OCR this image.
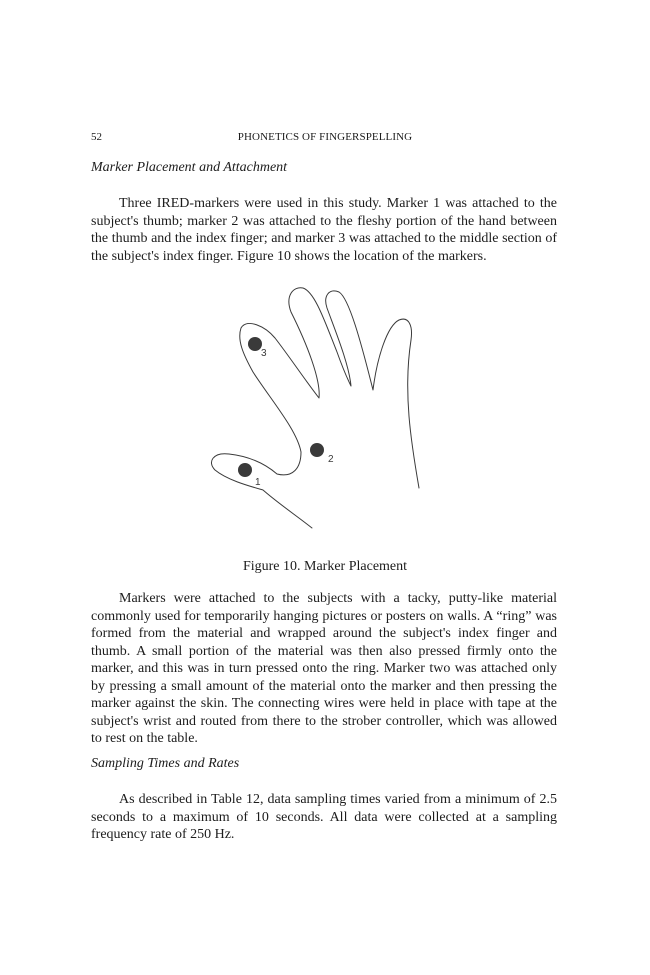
52	PHONETICS OF FINGERSPELLING
Marker Placement and Attachment

Three IRED-markers were used in this study. Marker 1 was attached to the subject's thumb; marker 2 was attached to the fleshy portion of the hand between the thumb and the index finger; and marker 3 was attached to the middle section of the subject's index finger. Figure 10 shows the location of the markers.

3
2
1
Figure 10. Marker Placement

Markers were attached to the subjects with a tacky, putty-like material commonly used for temporarily hanging pictures or posters on walls. A “ring” was formed from the material and wrapped around the subject's index finger and thumb. A small portion of the material was then also pressed firmly onto the marker, and this was in turn pressed onto the ring. Marker two was attached only by pressing a small amount of the material onto the marker and then pressing the marker against the skin. The connecting wires were held in place with tape at the subject's wrist and routed from there to the strober controller, which was allowed to rest on the table.

Sampling Times and Rates

As described in Table 12, data sampling times varied from a minimum of 2.5 seconds to a maximum of 10 seconds. All data were collected at a sampling frequency rate of 250 Hz.
